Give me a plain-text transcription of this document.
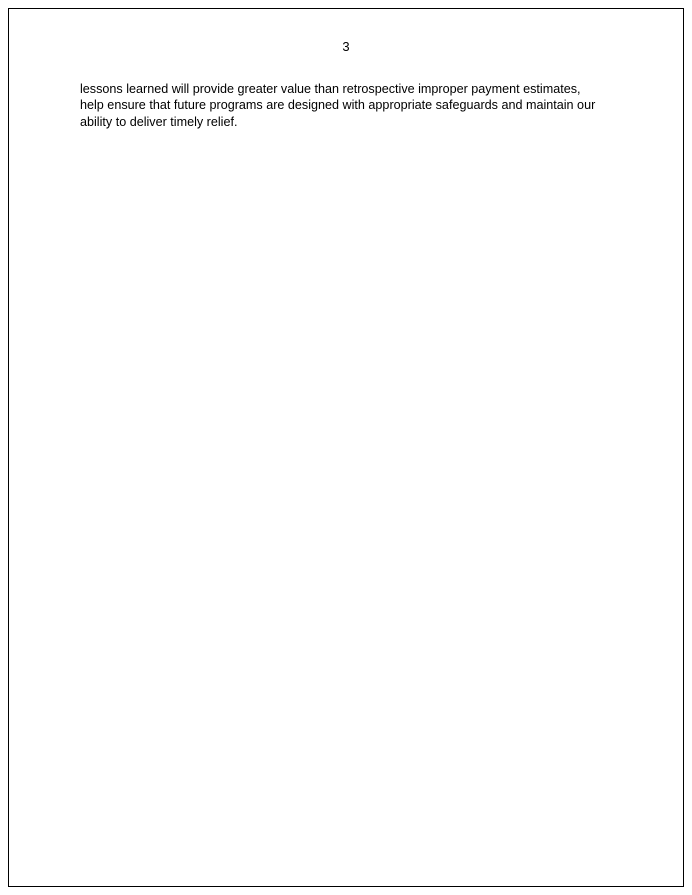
3
lessons learned will provide greater value than retrospective improper payment estimates, help ensure that future programs are designed with appropriate safeguards and maintain our ability to deliver timely relief.
